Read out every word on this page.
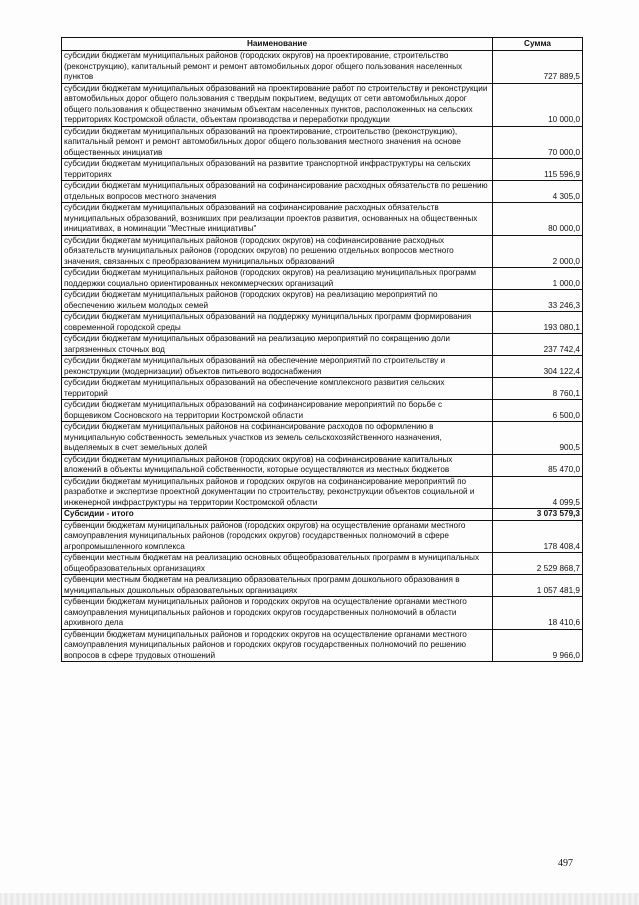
Наименование	Сумма
субсидии бюджетам муниципальных районов (городских округов) на проектирование, строительство (реконструкцию), капитальный ремонт и ремонт автомобильных дорог общего пользования населенных пунктов	727 889,5
субсидии бюджетам муниципальных образований на проектирование работ по строительству и реконструкции автомобильных дорог общего пользования с твердым покрытием, ведущих от сети автомобильных дорог общего пользования к общественно значимым объектам населенных пунктов, расположенных на сельских территориях Костромской области, объектам производства и переработки продукции	10 000,0
субсидии бюджетам муниципальных образований на проектирование, строительство (реконструкцию), капитальный ремонт и ремонт автомобильных дорог общего пользования местного значения на основе общественных инициатив	70 000,0
субсидии бюджетам муниципальных образований на развитие транспортной инфраструктуры на сельских территориях	115 596,9
субсидии бюджетам муниципальных образований на софинансирование расходных обязательств по решению отдельных вопросов местного значения	4 305,0
субсидии бюджетам муниципальных образований на софинансирование расходных обязательств муниципальных образований, возникших при реализации проектов развития, основанных на общественных инициативах, в номинации "Местные инициативы"	80 000,0
субсидии бюджетам муниципальных районов (городских округов) на софинансирование расходных обязательств муниципальных районов (городских округов) по решению отдельных вопросов местного значения, связанных с преобразованием муниципальных образований	2 000,0
субсидии бюджетам муниципальных районов (городских округов) на реализацию муниципальных программ поддержки социально ориентированных некоммерческих организаций	1 000,0
субсидии бюджетам муниципальных районов (городских округов) на реализацию мероприятий по обеспечению жильем молодых семей	33 246,3
субсидии бюджетам муниципальных образований на поддержку муниципальных программ формирования современной городской среды	193 080,1
субсидии бюджетам муниципальных образований на реализацию мероприятий по сокращению доли загрязненных сточных вод	237 742,4
субсидии бюджетам муниципальных образований на обеспечение мероприятий по строительству и реконструкции (модернизации) объектов питьевого водоснабжения	304 122,4
субсидии бюджетам муниципальных образований на обеспечение комплексного развития сельских территорий	8 760,1
субсидии бюджетам муниципальных образований на софинансирование мероприятий по борьбе с борщевиком Сосновского на территории Костромской области	6 500,0
субсидии бюджетам муниципальных районов на софинансирование расходов по оформлению в муниципальную собственность земельных участков из земель сельскохозяйственного назначения, выделяемых в счет земельных долей	900,5
субсидии бюджетам муниципальных районов (городских округов) на софинансирование капитальных вложений в объекты муниципальной собственности, которые осуществляются из местных бюджетов	85 470,0
субсидии бюджетам муниципальных районов и городских округов на софинансирование мероприятий по разработке и экспертизе проектной документации по строительству, реконструкции объектов социальной и инженерной инфраструктуры на территории Костромской области	4 099,5
Субсидии - итого	3 073 579,3
субвенции бюджетам муниципальных районов (городских округов) на осуществление органами местного самоуправления муниципальных районов (городских округов) государственных полномочий в сфере агропромышленного комплекса	178 408,4
субвенции местным бюджетам на реализацию основных общеобразовательных программ в муниципальных общеобразовательных организациях	2 529 868,7
субвенции местным бюджетам на реализацию образовательных программ дошкольного образования в муниципальных дошкольных образовательных организациях	1 057 481,9
субвенции бюджетам муниципальных районов и городских округов на осуществление органами местного самоуправления муниципальных районов и городских округов государственных полномочий в области архивного дела	18 410,6
субвенции бюджетам муниципальных районов и городских округов на осуществление органами местного самоуправления муниципальных районов и городских округов государственных полномочий по решению вопросов в сфере трудовых отношений	9 966,0
497
